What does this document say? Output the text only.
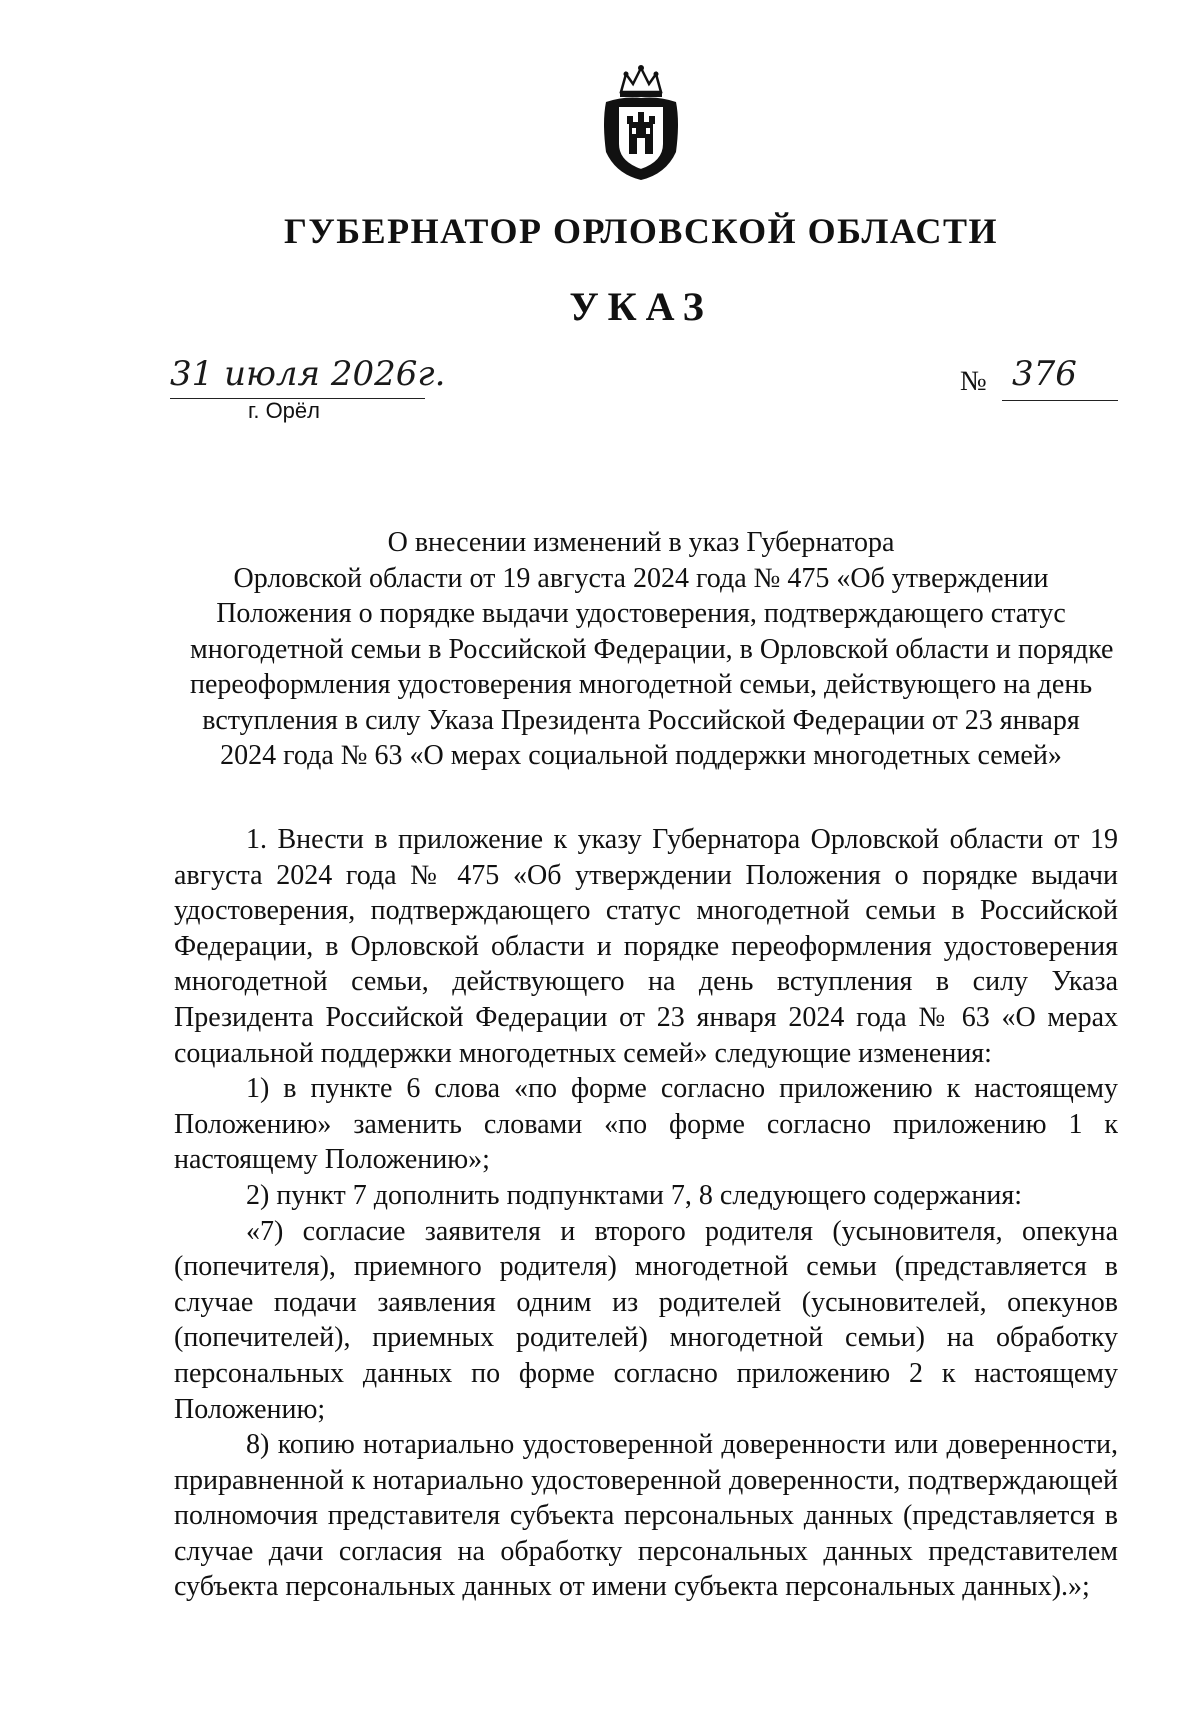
ГУБЕРНАТОР ОРЛОВСКОЙ ОБЛАСТИ
УКАЗ
31 июля 2026г.
г. Орёл
№ 376
О внесении изменений в указ Губернатора
Орловской области от 19 августа 2024 года № 475 «Об утверждении
Положения о порядке выдачи удостоверения, подтверждающего статус
многодетной семьи в Российской Федерации, в Орловской области и порядке
переоформления удостоверения многодетной семьи, действующего на день
вступления в силу Указа Президента Российской Федерации от 23 января
2024 года № 63 «О мерах социальной поддержки многодетных семей»

1. Внести в приложение к указу Губернатора Орловской области от 19 августа 2024 года № 475 «Об утверждении Положения о порядке выдачи удостоверения, подтверждающего статус многодетной семьи в Российской Федерации, в Орловской области и порядке переоформления удостоверения многодетной семьи, действующего на день вступления в силу Указа Президента Российской Федерации от 23 января 2024 года № 63 «О мерах социальной поддержки многодетных семей» следующие изменения:

1) в пункте 6 слова «по форме согласно приложению к настоящему Положению» заменить словами «по форме согласно приложению 1 к настоящему Положению»;

2) пункт 7 дополнить подпунктами 7, 8 следующего содержания:

«7) согласие заявителя и второго родителя (усыновителя, опекуна (попечителя), приемного родителя) многодетной семьи (представляется в случае подачи заявления одним из родителей (усыновителей, опекунов (попечителей), приемных родителей) многодетной семьи) на обработку персональных данных по форме согласно приложению 2 к настоящему Положению;

8) копию нотариально удостоверенной доверенности или доверенности, приравненной к нотариально удостоверенной доверенности, подтверждающей полномочия представителя субъекта персональных данных (представляется в случае дачи согласия на обработку персональных данных представителем субъекта персональных данных от имени субъекта персональных данных).»;
